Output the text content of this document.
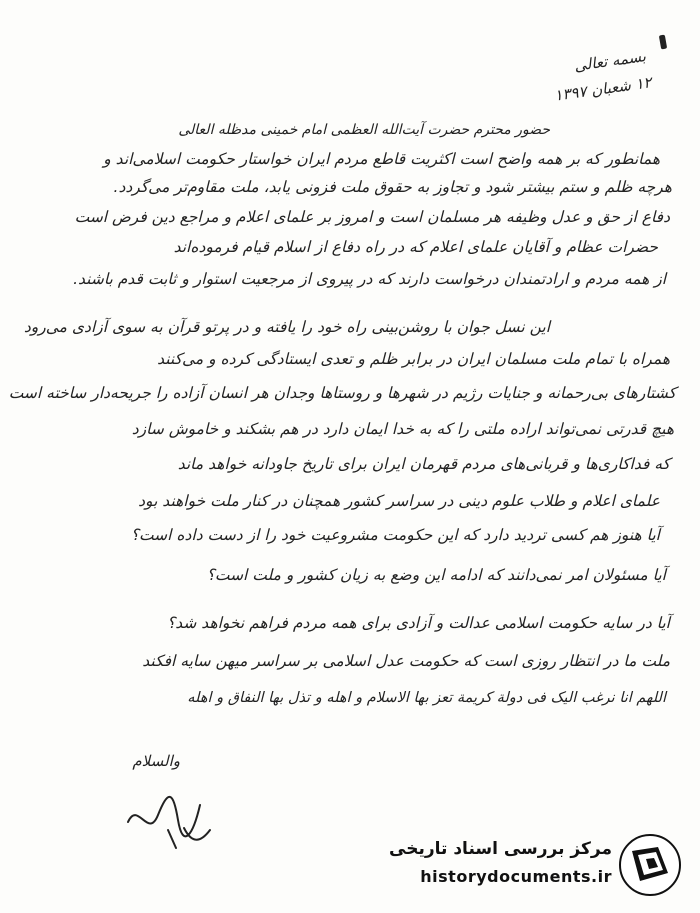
بسمه تعالی
۱۲ شعبان ۱۳۹۷
حضور محترم حضرت آیت‌الله العظمی امام خمینی مدظله العالی
همانطور که بر همه واضح است اکثریت قاطع مردم ایران خواستار حکومت اسلامی‌اند و
هرچه ظلم و ستم بیشتر شود و تجاوز به حقوق ملت فزونی یابد، ملت مقاوم‌تر می‌گردد.
دفاع از حق و عدل وظیفه هر مسلمان است و امروز بر علمای اعلام و مراجع دین فرض است
حضرات عظام و آقایان علمای اعلام که در راه دفاع از اسلام قیام فرموده‌اند
از همه مردم و ارادتمندان درخواست دارند که در پیروی از مرجعیت استوار و ثابت قدم باشند.
این نسل جوان با روشن‌بینی راه خود را یافته و در پرتو قرآن به سوی آزادی می‌رود
همراه با تمام ملت مسلمان ایران در برابر ظلم و تعدی ایستادگی کرده و می‌کنند
کشتارهای بی‌رحمانه و جنایات رژیم در شهرها و روستاها وجدان هر انسان آزاده را جریحه‌دار ساخته است
هیچ قدرتی نمی‌تواند اراده ملتی را که به خدا ایمان دارد در هم بشکند و خاموش سازد
که فداکاری‌ها و قربانی‌های مردم قهرمان ایران برای تاریخ جاودانه خواهد ماند
علمای اعلام و طلاب علوم دینی در سراسر کشور همچنان در کنار ملت خواهند بود
آیا هنوز هم کسی تردید دارد که این حکومت مشروعیت خود را از دست داده است؟
آیا مسئولان امر نمی‌دانند که ادامه این وضع به زیان کشور و ملت است؟
آیا در سایه حکومت اسلامی عدالت و آزادی برای همه مردم فراهم نخواهد شد؟
ملت ما در انتظار روزی است که حکومت عدل اسلامی بر سراسر میهن سایه افکند
اللهم انا نرغب الیک فی دولة کریمة تعز بها الاسلام و اهله و تذل بها النفاق و اهله
والسلام
مرکز بررسی اسناد تاریخی
historydocuments.ir
